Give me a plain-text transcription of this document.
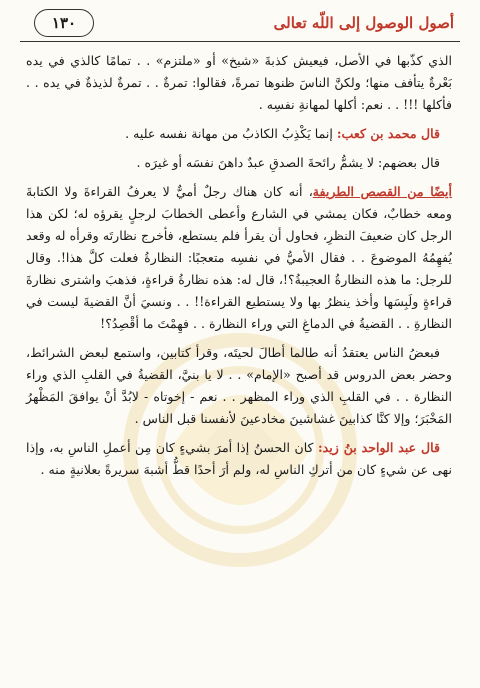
أصول الوصول إلى اللّه تعالى
١٣٠

الذي كذّبها في الأصل، فيعيش كذبةَ «شيخ» أو «ملتزم» . . تمامًا كالذي في يده بَعْرةٌ يتأفف منها؛ ولكنَّ الناسَ ظنوها تمرةً، فقالوا: تمرةٌ . . تمرةٌ لذيذةٌ في يده . . فأكلها !!! . . نعم: أكلها لمهانةِ نفسِه .

قال محمد بن كعب: إنما يَكْذِبُ الكاذبُ من مهانة نفسه عليه .

قال بعضهم: لا يشمُّ رائحةَ الصدقِ عبدٌ داهنَ نفسَه أو غيرَه .

أيضًا من القصص الطريفة، أنه كان هناك رجلٌ أميٌّ لا يعرفُ القراءةَ ولا الكتابةَ ومعه خطابٌ، فكان يمشي في الشارع وأعطى الخطابَ لرجلٍ يقرؤه له؛ لكن هذا الرجل كان ضعيفَ النظرِ، فحاول أن يقرأ فلم يستطع، فأخرج نظارتَه وقرأه له وقعد يُفهِمُهُ الموضوعَ . . فقال الأميُّ في نفسِه متعجبًا: النظارةُ فعلت كلَّ هذا!. وقال للرجل: ما هذه النظارةُ العجيبةُ؟!، قال له: هذه نظارةُ قراءةٍ، فذهبَ واشترى نظارةَ قراءةٍ ولَبِسَها وأخذ ينظرُ بها ولا يستطيع القراءة!! . . ونسيَ أنَّ القضيةَ ليست في النظارةِ . . القضيةُ في الدماغِ التي وراء النظارة . . فهِمْتَ ما أقْصِدُ؟!

فبعضُ الناس يعتقدُ أنه طالما أطالَ لحيتَه، وقرأ كتابين، واستمع لبعض الشرائط، وحضر بعض الدروس قد أصبح «الإمام» . . لا يا بنيَّ، القضيةُ في القلبِ الذي وراء النظارة . . في القلبِ الذي وراء المظهر . . نعم - إخوتاه - لابُدَّ أنْ يوافقَ المَظْهرُ المَخْبَرَ؛ وإلا كنَّا كذابينَ غشاشينَ مخادعينَ لأنفسنا قبل الناس .

قال عبد الواحد بنُ زيد: كان الحسنُ إذا أمرَ بشيءٍ كان مِن أعملِ الناسِ به، وإذا نهى عن شيءٍ كان من أتركِ الناسِ له، ولم أرَ أحدًا قطُّ أشبهَ سريرةً بعلانيةٍ منه .
